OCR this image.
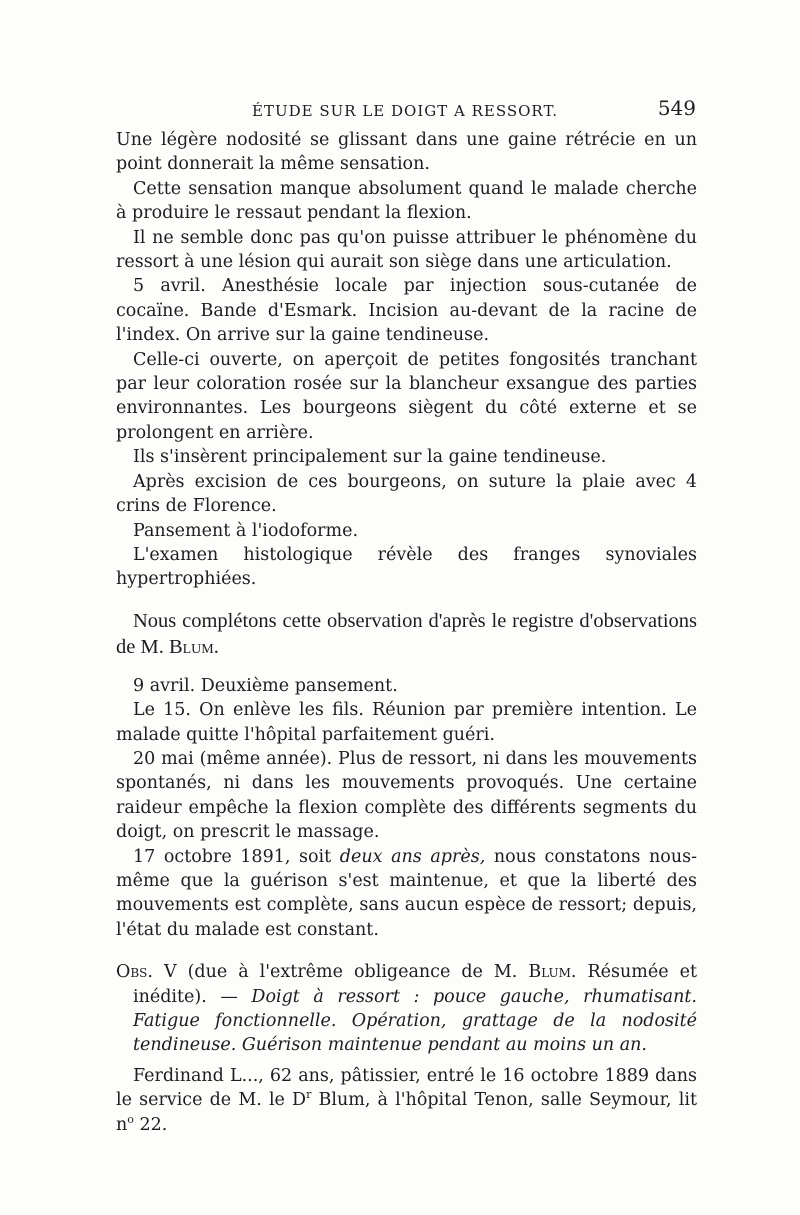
ÉTUDE SUR LE DOIGT A RESSORT.	549

Une légère nodosité se glissant dans une gaine rétrécie en un point donnerait la même sensation.

Cette sensation manque absolument quand le malade cherche à produire le ressaut pendant la flexion.

Il ne semble donc pas qu'on puisse attribuer le phénomène du ressort à une lésion qui aurait son siège dans une articulation.

5 avril. Anesthésie locale par injection sous-cutanée de cocaïne. Bande d'Esmark. Incision au-devant de la racine de l'index. On arrive sur la gaine tendineuse.

Celle-ci ouverte, on aperçoit de petites fongosités tranchant par leur coloration rosée sur la blancheur exsangue des parties environnantes. Les bourgeons siègent du côté externe et se prolongent en arrière.

Ils s'insèrent principalement sur la gaine tendineuse.

Après excision de ces bourgeons, on suture la plaie avec 4 crins de Florence.

Pansement à l'iodoforme.

L'examen histologique révèle des franges synoviales hypertrophiées.

Nous complétons cette observation d'après le registre d'observations de M. Blum.

9 avril. Deuxième pansement.

Le 15. On enlève les fils. Réunion par première intention. Le malade quitte l'hôpital parfaitement guéri.

20 mai (même année). Plus de ressort, ni dans les mouvements spontanés, ni dans les mouvements provoqués. Une certaine raideur empêche la flexion complète des différents segments du doigt, on prescrit le massage.

17 octobre 1891, soit deux ans après, nous constatons nous-même que la guérison s'est maintenue, et que la liberté des mouvements est complète, sans aucun espèce de ressort; depuis, l'état du malade est constant.

Obs. V (due à l'extrême obligeance de M. Blum. Résumée et inédite). — Doigt à ressort : pouce gauche, rhumatisant. Fatigue fonctionnelle. Opération, grattage de la nodosité tendineuse. Guérison maintenue pendant au moins un an.

Ferdinand L..., 62 ans, pâtissier, entré le 16 octobre 1889 dans le service de M. le $D^r$ Blum, à l'hôpital Tenon, salle Seymour, lit $n^o$ 22.
